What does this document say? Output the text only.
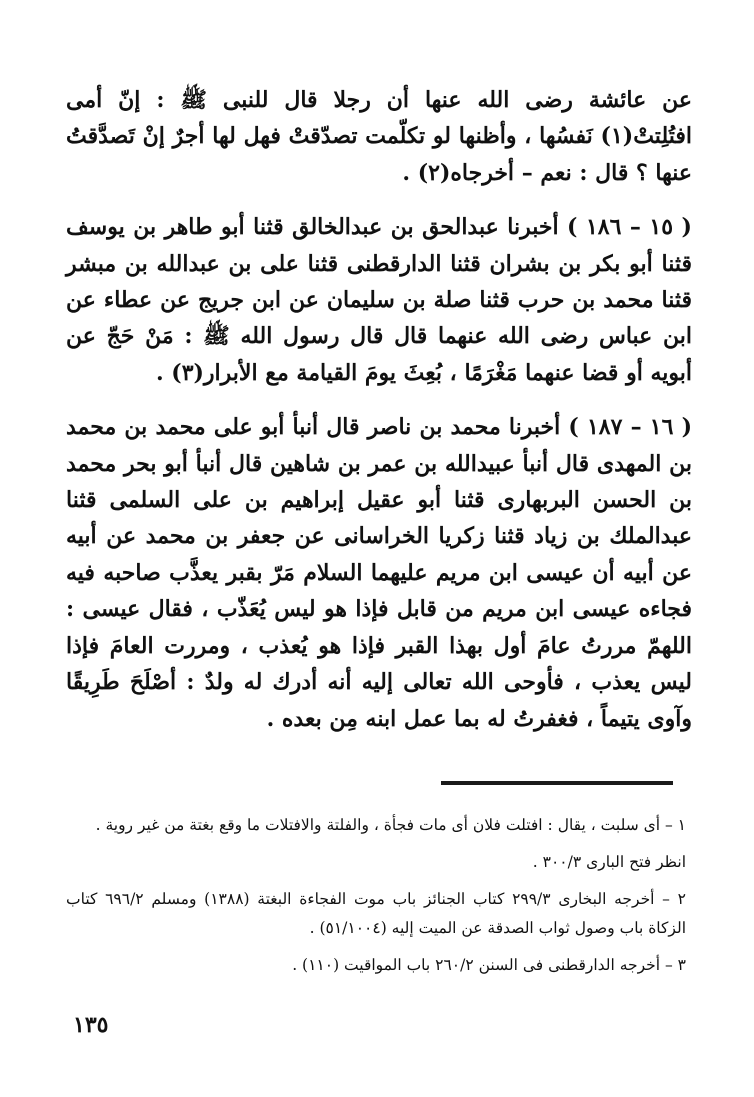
عن عائشة رضى الله عنها أن رجلا قال للنبى ﷺ : إنّ أمى افتُلِتتْ(١) نَفسُها ، وأظنها لو تكلّمت تصدّقتْ فهل لها أجرٌ إنْ تَصدَّقتُ عنها ؟ قال : نعم – أخرجاه(٢) .

( ١٥ – ١٨٦ ) أخبرنا عبدالحق بن عبدالخالق قثنا أبو طاهر بن يوسف قثنا أبو بكر بن بشران قثنا الدارقطنى قثنا على بن عبدالله بن مبشر قثنا محمد بن حرب قثنا صلة بن سليمان عن ابن جريج عن عطاء عن ابن عباس رضى الله عنهما قال قال رسول الله ﷺ : مَنْ حَجّ عن أبويه أو قضا عنهما مَغْرَمًا ، بُعِثَ يومَ القيامة مع الأبرار(٣) .

( ١٦ – ١٨٧ ) أخبرنا محمد بن ناصر قال أنبأ أبو على محمد بن محمد بن المهدى قال أنبأ عبيدالله بن عمر بن شاهين قال أنبأ أبو بحر محمد بن الحسن البربهارى قثنا أبو عقيل إبراهيم بن على السلمى قثنا عبدالملك بن زياد قثنا زكريا الخراسانى عن جعفر بن محمد عن أبيه عن أبيه أن عيسى ابن مريم عليهما السلام مَرّ بقبر يعذَّب صاحبه فيه فجاءه عيسى ابن مريم من قابل فإذا هو ليس يُعَذّب ، فقال عيسى : اللهمّ مررتُ عامَ أول بهذا القبر فإذا هو يُعذب ، ومررت العامَ فإذا ليس يعذب ، فأوحى الله تعالى إليه أنه أدرك له ولدٌ : أصْلَحَ طَرِيقًا وآوى يتيماً ، فغفرتُ له بما عمل ابنه مِن بعده .

١ – أى سلبت ، يقال : افتلت فلان أى مات فجأة ، والفلتة والافتلات ما وقع بغتة من غير روية .

انظر فتح البارى ٣٠٠/٣ .

٢ – أخرجه البخارى ٢٩٩/٣ كتاب الجنائز باب موت الفجاءة البغتة (١٣٨٨) ومسلم ٦٩٦/٢ كتاب الزكاة باب وصول ثواب الصدقة عن الميت إليه (٥١/١٠٠٤) .

٣ – أخرجه الدارقطنى فى السنن ٢٦٠/٢ باب المواقيت (١١٠) .

١٣٥
